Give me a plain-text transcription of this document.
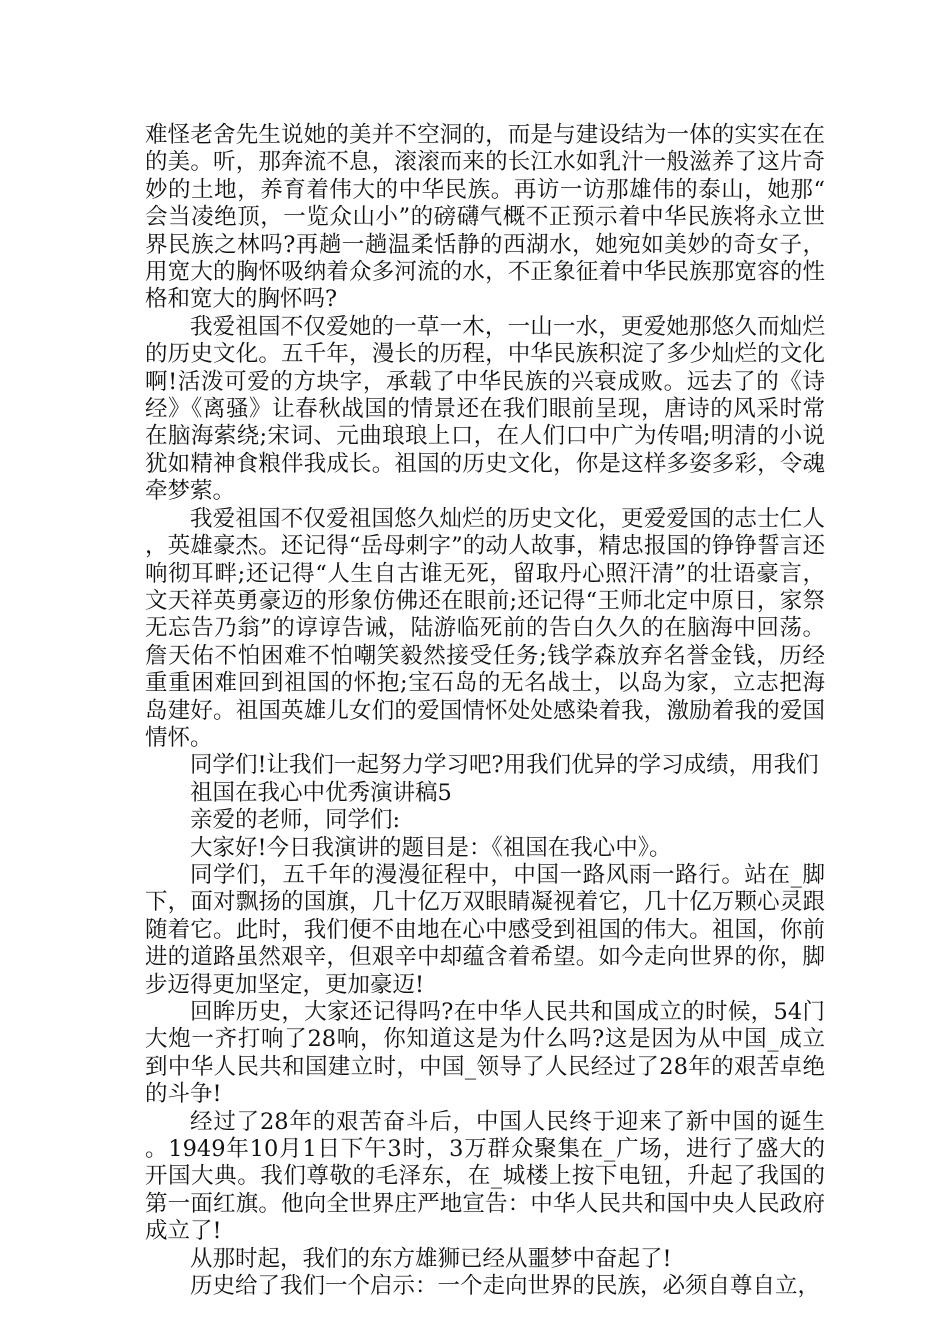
难怪老舍先生说她的美并不空洞的，而是与建设结为一体的实实在在的美。听，那奔流不息，滚滚而来的长江水如乳汁一般滋养了这片奇妙的土地，养育着伟大的中华民族。再访一访那雄伟的泰山，她那“会当凌绝顶，一览众山小”的磅礴气概不正预示着中华民族将永立世界民族之林吗?再趟一趟温柔恬静的西湖水，她宛如美妙的奇女子，用宽大的胸怀吸纳着众多河流的水，不正象征着中华民族那宽容的性格和宽大的胸怀吗?

我爱祖国不仅爱她的一草一木，一山一水，更爱她那悠久而灿烂的历史文化。五千年，漫长的历程，中华民族积淀了多少灿烂的文化啊!活泼可爱的方块字，承载了中华民族的兴衰成败。远去了的《诗经》《离骚》让春秋战国的情景还在我们眼前呈现，唐诗的风采时常在脑海萦绕;宋词、元曲琅琅上口，在人们口中广为传唱;明清的小说犹如精神食粮伴我成长。祖国的历史文化，你是这样多姿多彩，令魂牵梦萦。

我爱祖国不仅爱祖国悠久灿烂的历史文化，更爱爱国的志士仁人，英雄豪杰。还记得“岳母刺字”的动人故事，精忠报国的铮铮誓言还响彻耳畔;还记得“人生自古谁无死，留取丹心照汗清”的壮语豪言，文天祥英勇豪迈的形象仿佛还在眼前;还记得“王师北定中原日，家祭无忘告乃翁”的谆谆告诫，陆游临死前的告白久久的在脑海中回荡。詹天佑不怕困难不怕嘲笑毅然接受任务;钱学森放弃名誉金钱，历经重重困难回到祖国的怀抱;宝石岛的无名战士，以岛为家，立志把海岛建好。祖国英雄儿女们的爱国情怀处处感染着我，激励着我的爱国情怀。

同学们!让我们一起努力学习吧?用我们优异的学习成绩，用我们

祖国在我心中优秀演讲稿5

亲爱的老师，同学们:

大家好!今日我演讲的题目是：《祖国在我心中》。

同学们，五千年的漫漫征程中，中国一路风雨一路行。站在_脚下，面对飘扬的国旗，几十亿万双眼睛凝视着它，几十亿万颗心灵跟随着它。此时，我们便不由地在心中感受到祖国的伟大。祖国，你前进的道路虽然艰辛，但艰辛中却蕴含着希望。如今走向世界的你，脚步迈得更加坚定，更加豪迈!

回眸历史，大家还记得吗?在中华人民共和国成立的时候，54门大炮一齐打响了28响，你知道这是为什么吗?这是因为从中国_成立到中华人民共和国建立时，中国_领导了人民经过了28年的艰苦卓绝的斗争!

经过了28年的艰苦奋斗后，中国人民终于迎来了新中国的诞生。1949年10月1日下午3时，3万群众聚集在_广场，进行了盛大的开国大典。我们尊敬的毛泽东，在_城楼上按下电钮，升起了我国的第一面红旗。他向全世界庄严地宣告：中华人民共和国中央人民政府成立了!

从那时起，我们的东方雄狮已经从噩梦中奋起了!

历史给了我们一个启示：一个走向世界的民族，必须自尊自立，
